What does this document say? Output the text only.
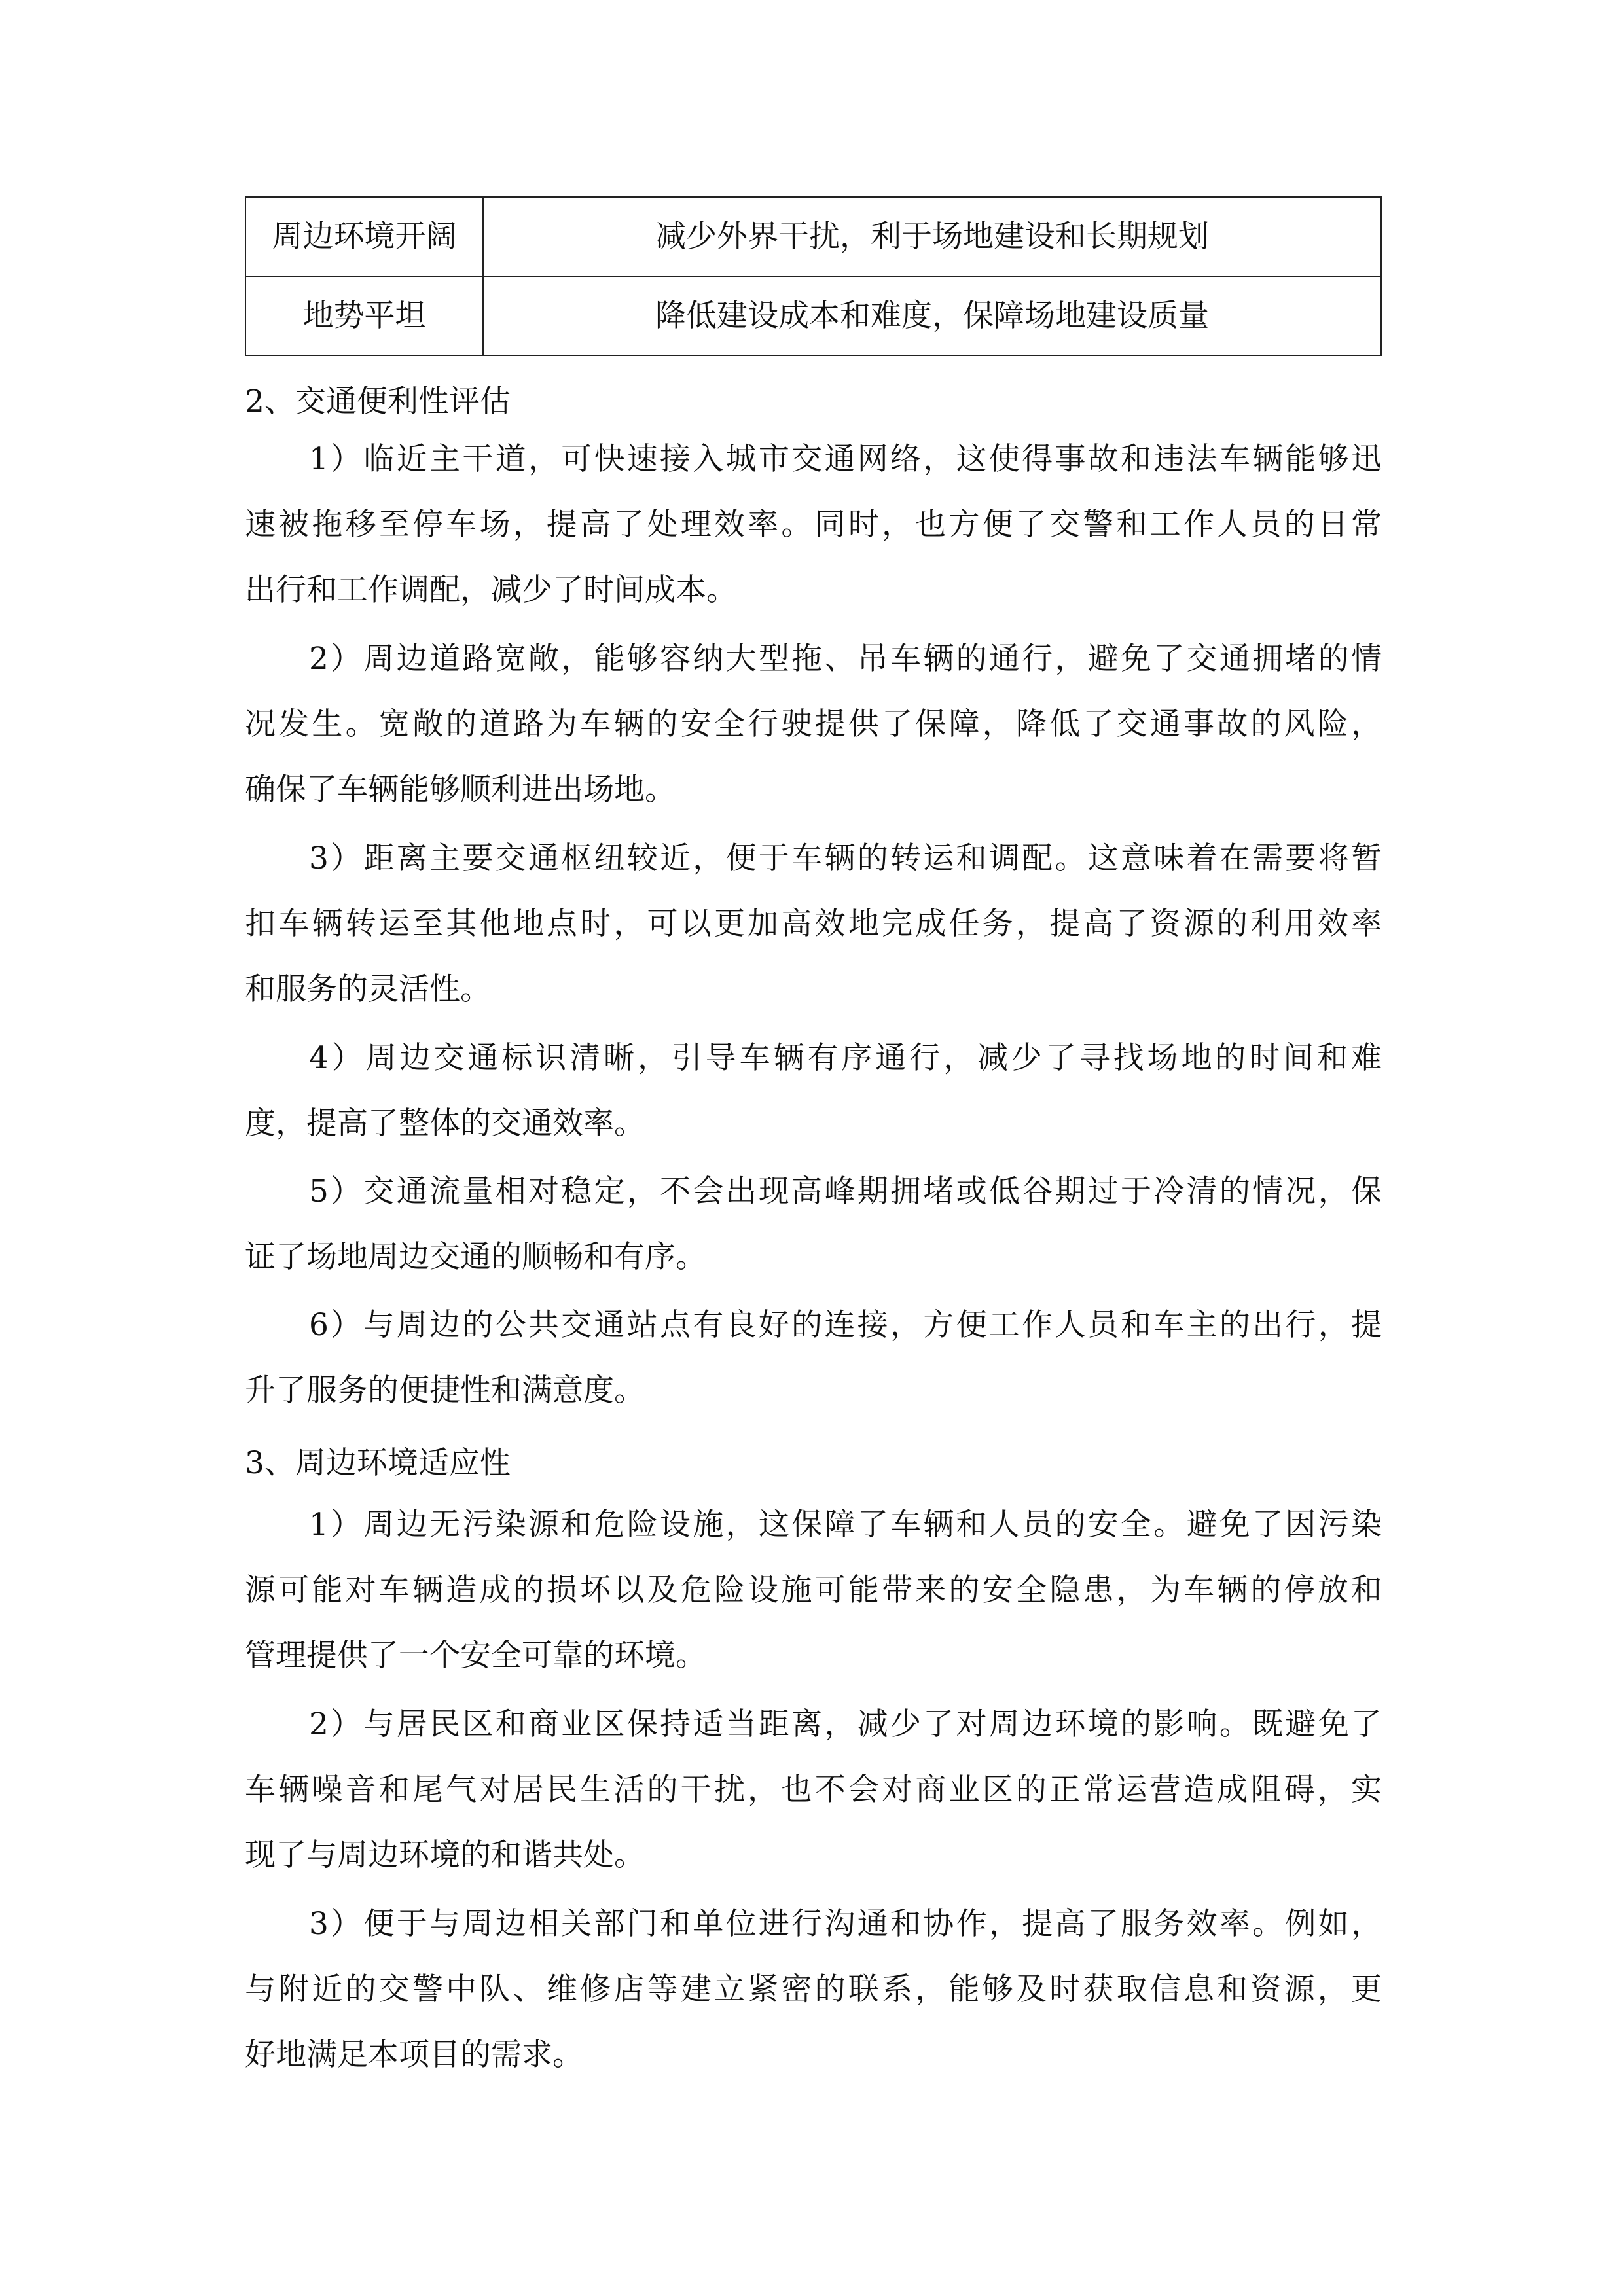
周边环境开阔	减少外界干扰，利于场地建设和长期规划
地势平坦	降低建设成本和难度，保障场地建设质量
2、交通便利性评估
1）临近主干道，可快速接入城市交通网络，这使得事故和违法车辆能够迅
速被拖移至停车场，提高了处理效率。同时，也方便了交警和工作人员的日常
出行和工作调配，减少了时间成本。
2）周边道路宽敞，能够容纳大型拖、吊车辆的通行，避免了交通拥堵的情
况发生。宽敞的道路为车辆的安全行驶提供了保障，降低了交通事故的风险，
确保了车辆能够顺利进出场地。
3）距离主要交通枢纽较近，便于车辆的转运和调配。这意味着在需要将暂
扣车辆转运至其他地点时，可以更加高效地完成任务，提高了资源的利用效率
和服务的灵活性。
4）周边交通标识清晰，引导车辆有序通行，减少了寻找场地的时间和难
度，提高了整体的交通效率。
5）交通流量相对稳定，不会出现高峰期拥堵或低谷期过于冷清的情况，保
证了场地周边交通的顺畅和有序。
6）与周边的公共交通站点有良好的连接，方便工作人员和车主的出行，提
升了服务的便捷性和满意度。
3、周边环境适应性
1）周边无污染源和危险设施，这保障了车辆和人员的安全。避免了因污染
源可能对车辆造成的损坏以及危险设施可能带来的安全隐患，为车辆的停放和
管理提供了一个安全可靠的环境。
2）与居民区和商业区保持适当距离，减少了对周边环境的影响。既避免了
车辆噪音和尾气对居民生活的干扰，也不会对商业区的正常运营造成阻碍，实
现了与周边环境的和谐共处。
3）便于与周边相关部门和单位进行沟通和协作，提高了服务效率。例如，
与附近的交警中队、维修店等建立紧密的联系，能够及时获取信息和资源，更
好地满足本项目的需求。
